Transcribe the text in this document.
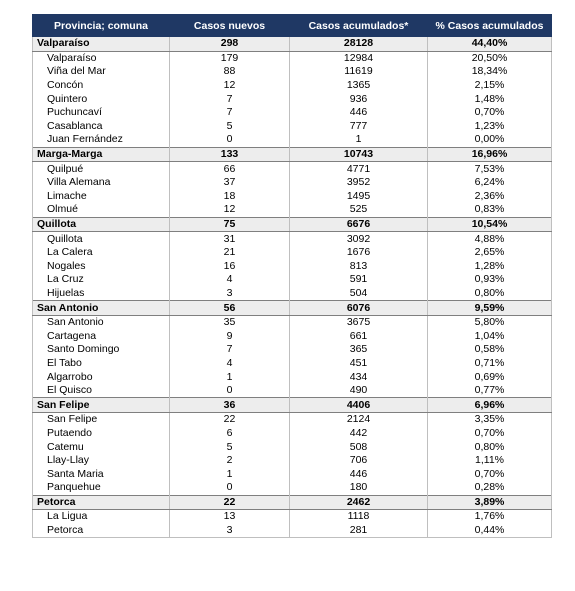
Provincia; comuna	Casos nuevos	Casos acumulados*	% Casos acumulados
Valparaíso	298	28128	44,40%
Valparaíso	179	12984	20,50%
Viña del Mar	88	11619	18,34%
Concón	12	1365	2,15%
Quintero	7	936	1,48%
Puchuncaví	7	446	0,70%
Casablanca	5	777	1,23%
Juan Fernández	0	1	0,00%
Marga-Marga	133	10743	16,96%
Quilpué	66	4771	7,53%
Villa Alemana	37	3952	6,24%
Limache	18	1495	2,36%
Olmué	12	525	0,83%
Quillota	75	6676	10,54%
Quillota	31	3092	4,88%
La Calera	21	1676	2,65%
Nogales	16	813	1,28%
La Cruz	4	591	0,93%
Hijuelas	3	504	0,80%
San Antonio	56	6076	9,59%
San Antonio	35	3675	5,80%
Cartagena	9	661	1,04%
Santo Domingo	7	365	0,58%
El Tabo	4	451	0,71%
Algarrobo	1	434	0,69%
El Quisco	0	490	0,77%
San Felipe	36	4406	6,96%
San Felipe	22	2124	3,35%
Putaendo	6	442	0,70%
Catemu	5	508	0,80%
Llay-Llay	2	706	1,11%
Santa Maria	1	446	0,70%
Panquehue	0	180	0,28%
Petorca	22	2462	3,89%
La Ligua	13	1118	1,76%
Petorca	3	281	0,44%
